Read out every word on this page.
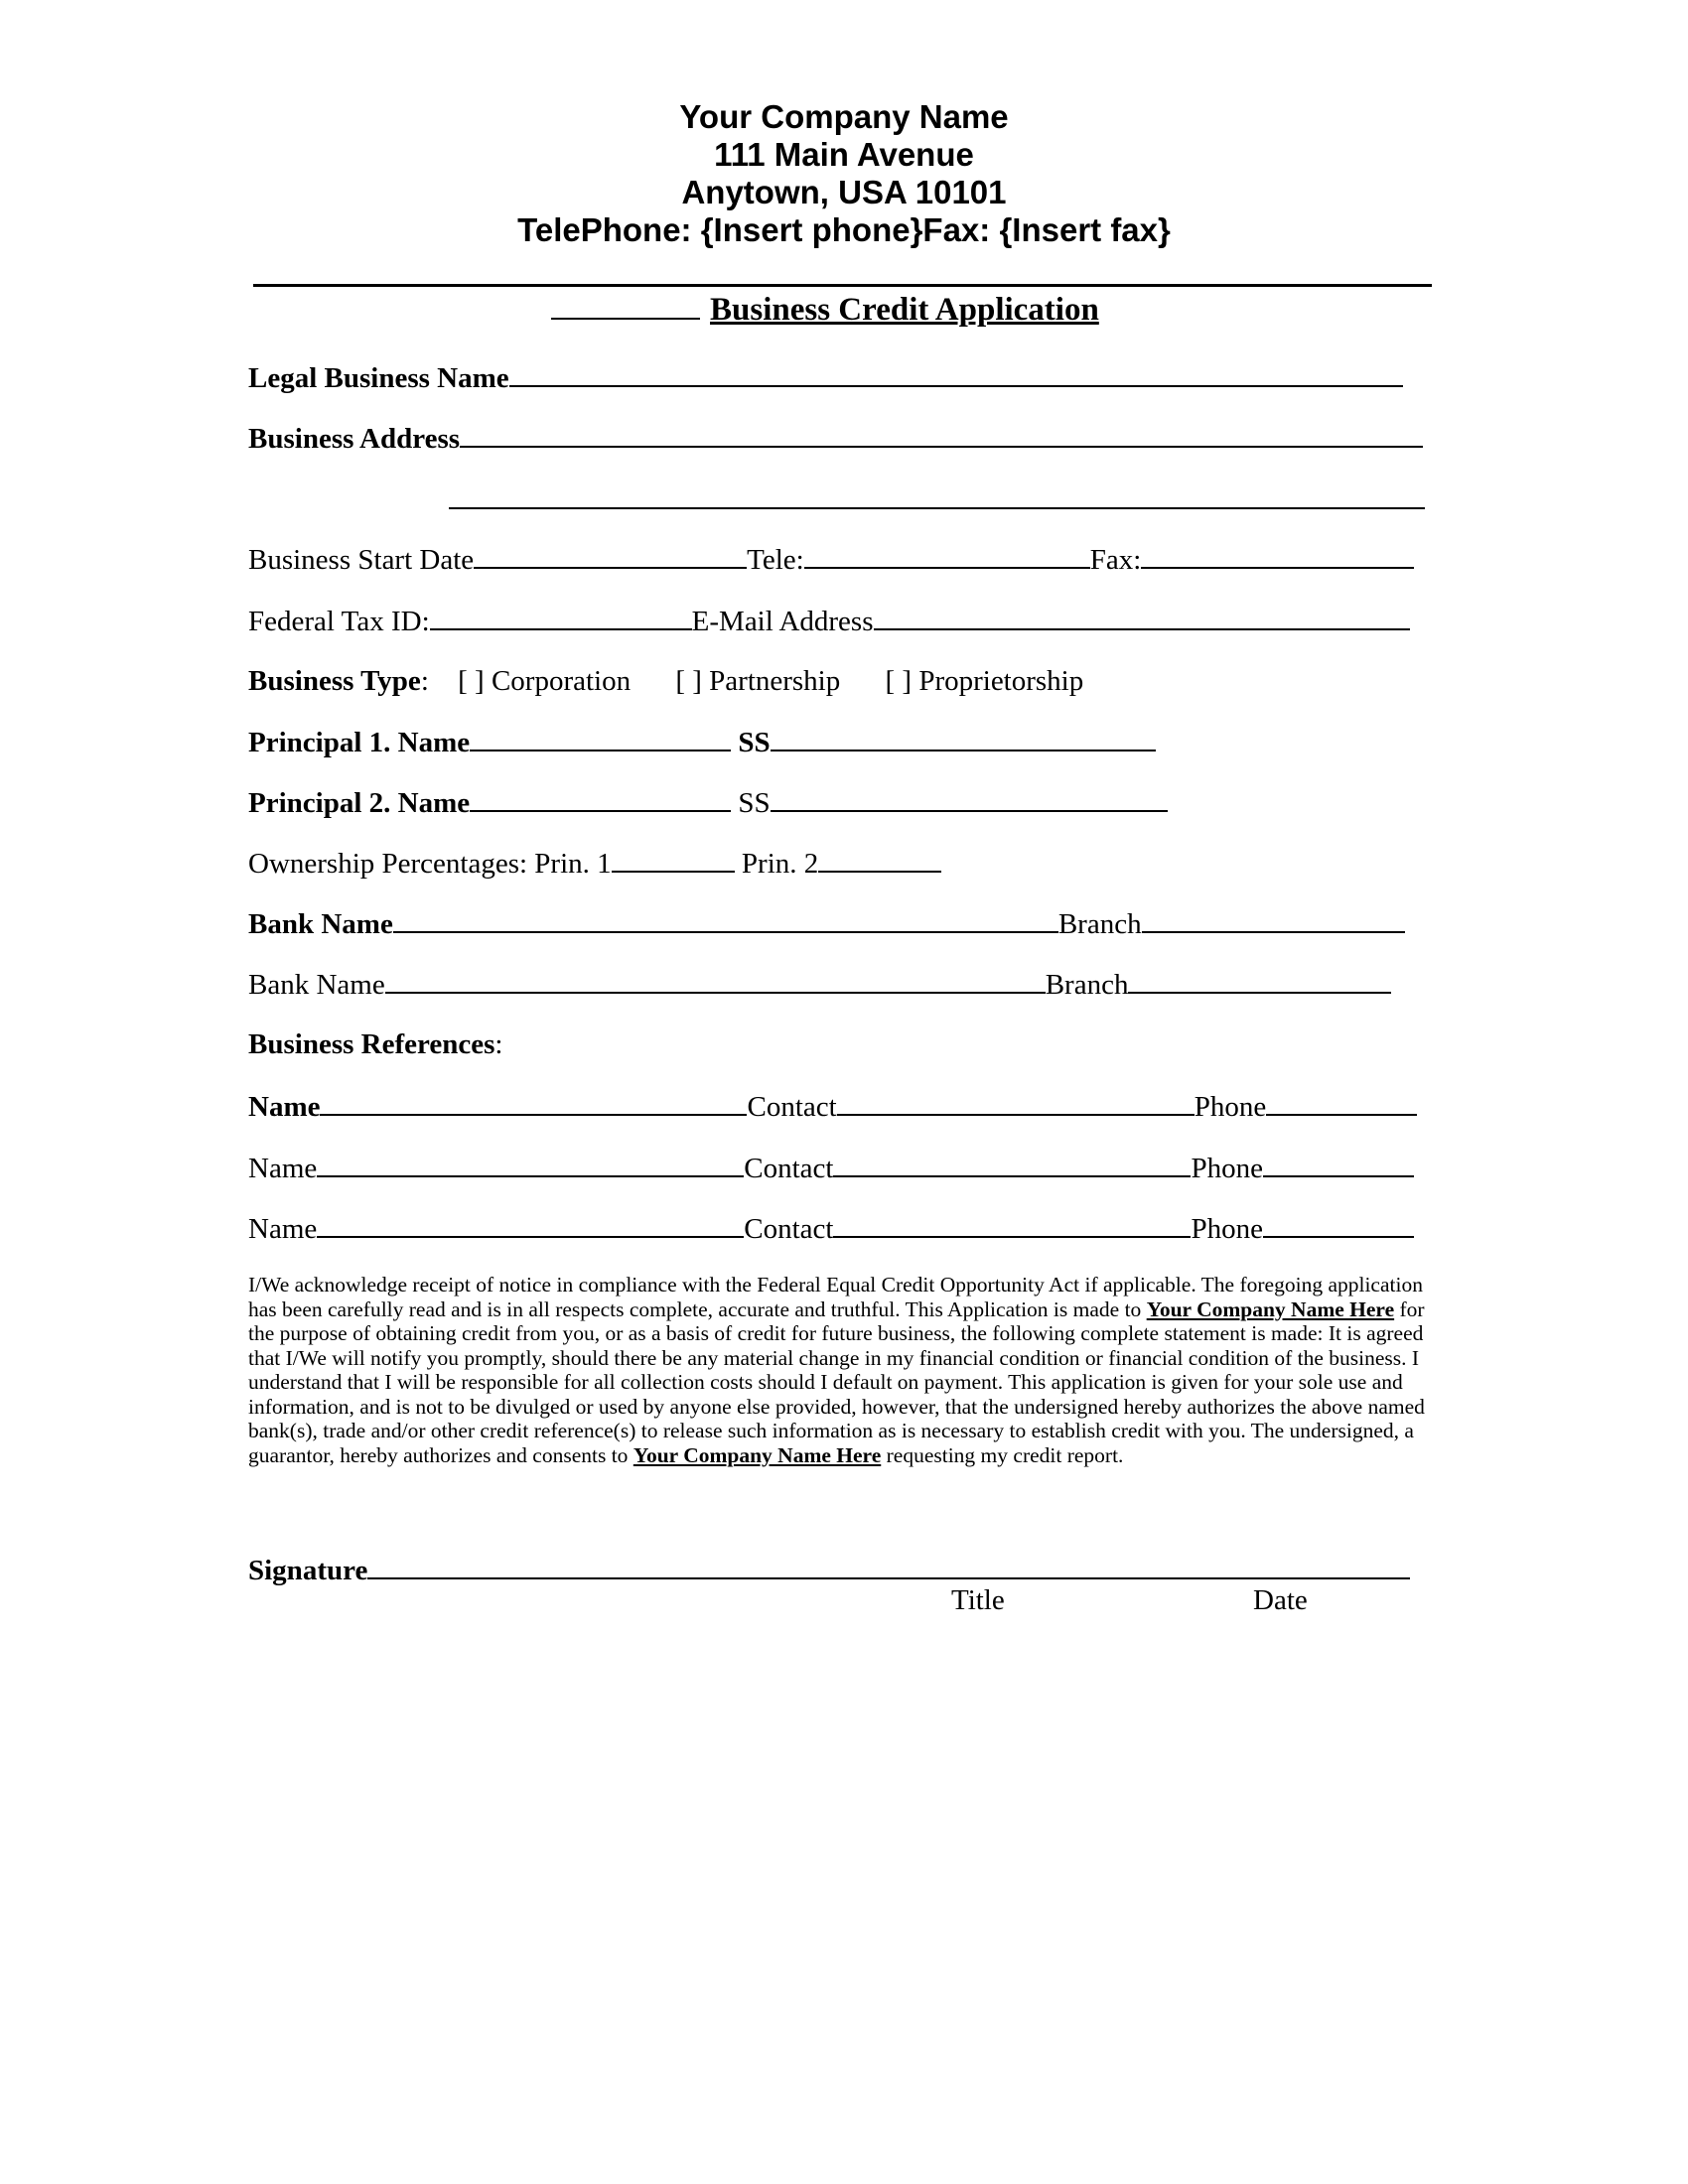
Your Company Name
111 Main Avenue
Anytown, USA 10101
TelePhone: {Insert phone}Fax: {Insert fax}
Business Credit Application
Legal Business Name
Business Address
Business Start Date	Tele:	Fax:
Federal Tax ID:	E-Mail Address
Business Type: [ ] Corporation [ ] Partnership [ ] Proprietorship
Principal 1. Name	SS
Principal 2. Name	SS
Ownership Percentages: Prin. 1	Prin. 2
Bank Name	Branch
Bank Name	Branch
Business References:
Name	Contact	Phone
Name	Contact	Phone
Name	Contact	Phone
I/We acknowledge receipt of notice in compliance with the Federal Equal Credit Opportunity Act if applicable. The foregoing application has been carefully read and is in all respects complete, accurate and truthful. This Application is made to Your Company Name Here for the purpose of obtaining credit from you, or as a basis of credit for future business, the following complete statement is made: It is agreed that I/We will notify you promptly, should there be any material change in my financial condition or financial condition of the business. I understand that I will be responsible for all collection costs should I default on payment. This application is given for your sole use and information, and is not to be divulged or used by anyone else provided, however, that the undersigned hereby authorizes the above named bank(s), trade and/or other credit reference(s) to release such information as is necessary to establish credit with you. The undersigned, a guarantor, hereby authorizes and consents to Your Company Name Here requesting my credit report.
Signature
Title	Date
